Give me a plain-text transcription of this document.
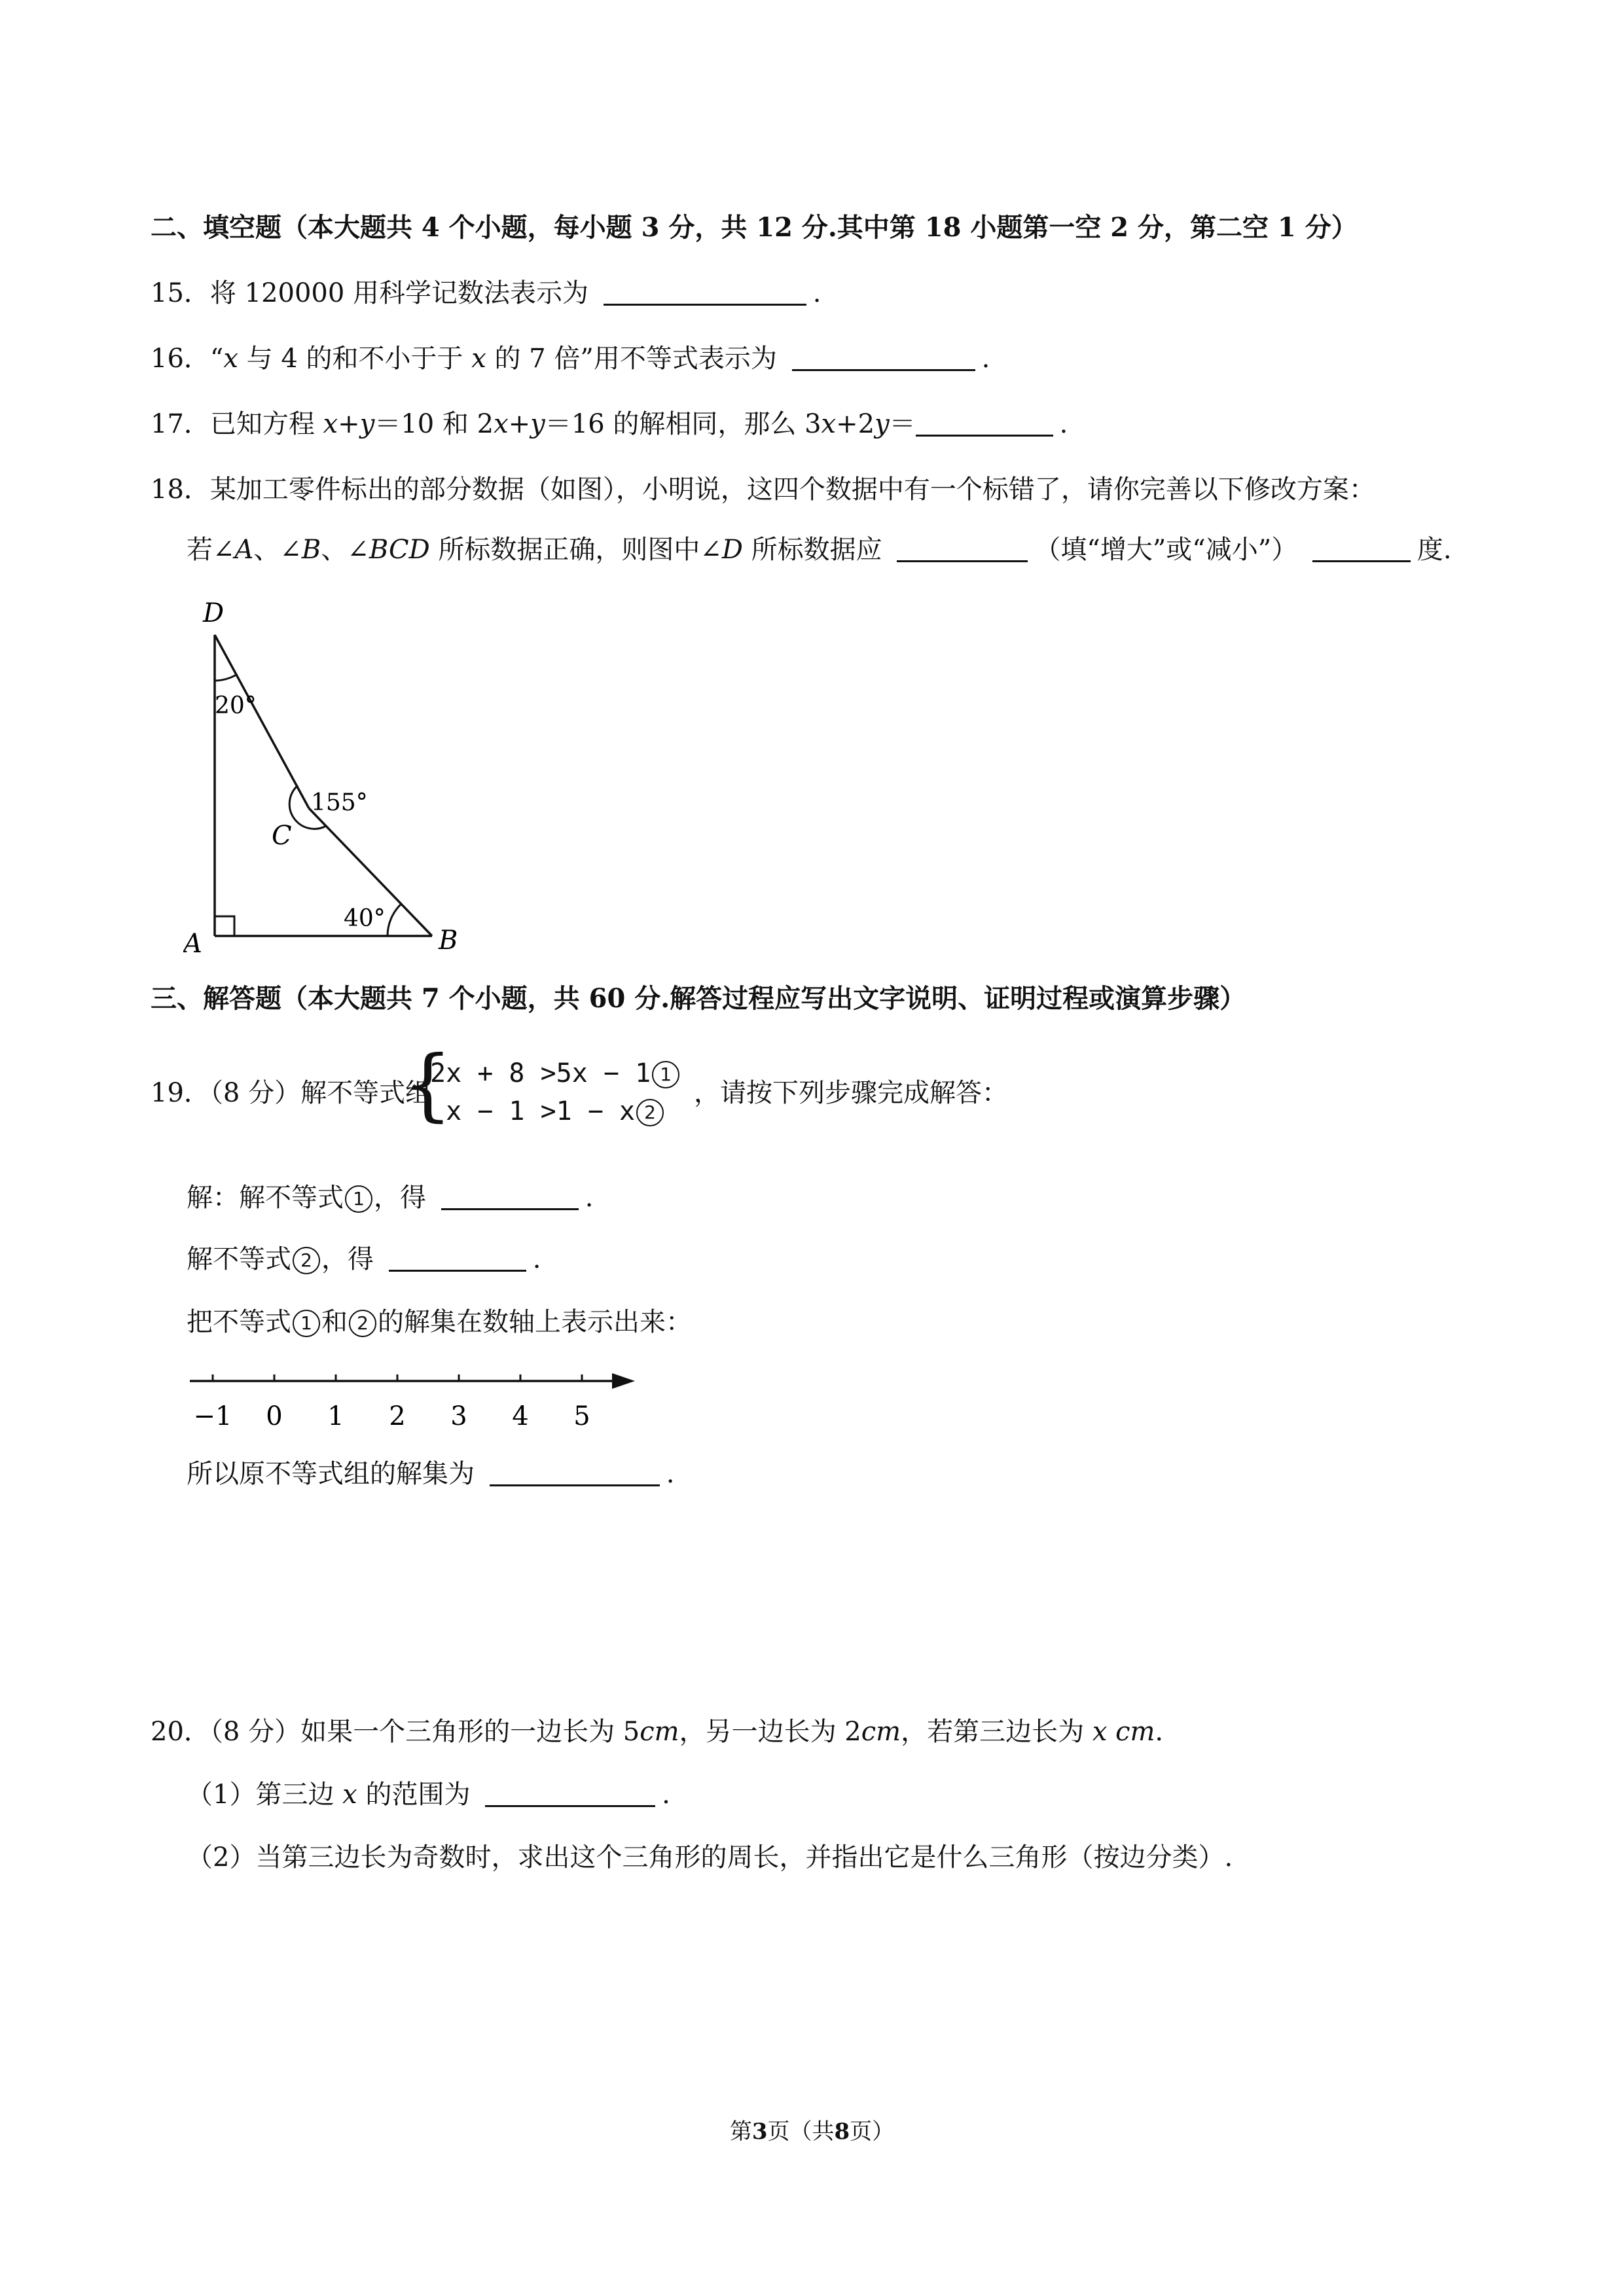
二、填空题（本大题共 4 个小题，每小题 3 分，共 12 分.其中第 18 小题第一空 2 分，第二空 1 分）
15．将 120000 用科学记数法表示为	.
16．“x 与 4 的和不小于于 x 的 7 倍”用不等式表示为	.
17．已知方程 x+y＝10 和 2x+y＝16 的解相同，那么 3x+2y＝	.
18．某加工零件标出的部分数据（如图），小明说，这四个数据中有一个标错了，请你完善以下修改方案：
若∠A、∠B、∠BCD 所标数据正确，则图中∠D 所标数据应	（填“增大”或“减小”）	度.
D
20°
155°
C
40°
A	B
三、解答题（本大题共 7 个小题，共 60 分.解答过程应写出文字说明、证明过程或演算步骤）
19．（8 分）解不等式组
{
2x + 8 >5x − 1 1
x − 1 >1 − x 2
，请按下列步骤完成解答：
解：解不等式 1 ，得	.
解不等式 2 ，得	.
把不等式 1 和 2 的解集在数轴上表示出来：
−1 0 1 2 3 4 5
所以原不等式组的解集为	.
20．（8 分）如果一个三角形的一边长为 5cm，另一边长为 2cm，若第三边长为 x cm.
（1）第三边 x 的范围为	.
（2）当第三边长为奇数时，求出这个三角形的周长，并指出它是什么三角形（按边分类）.
第3页（共8页）
